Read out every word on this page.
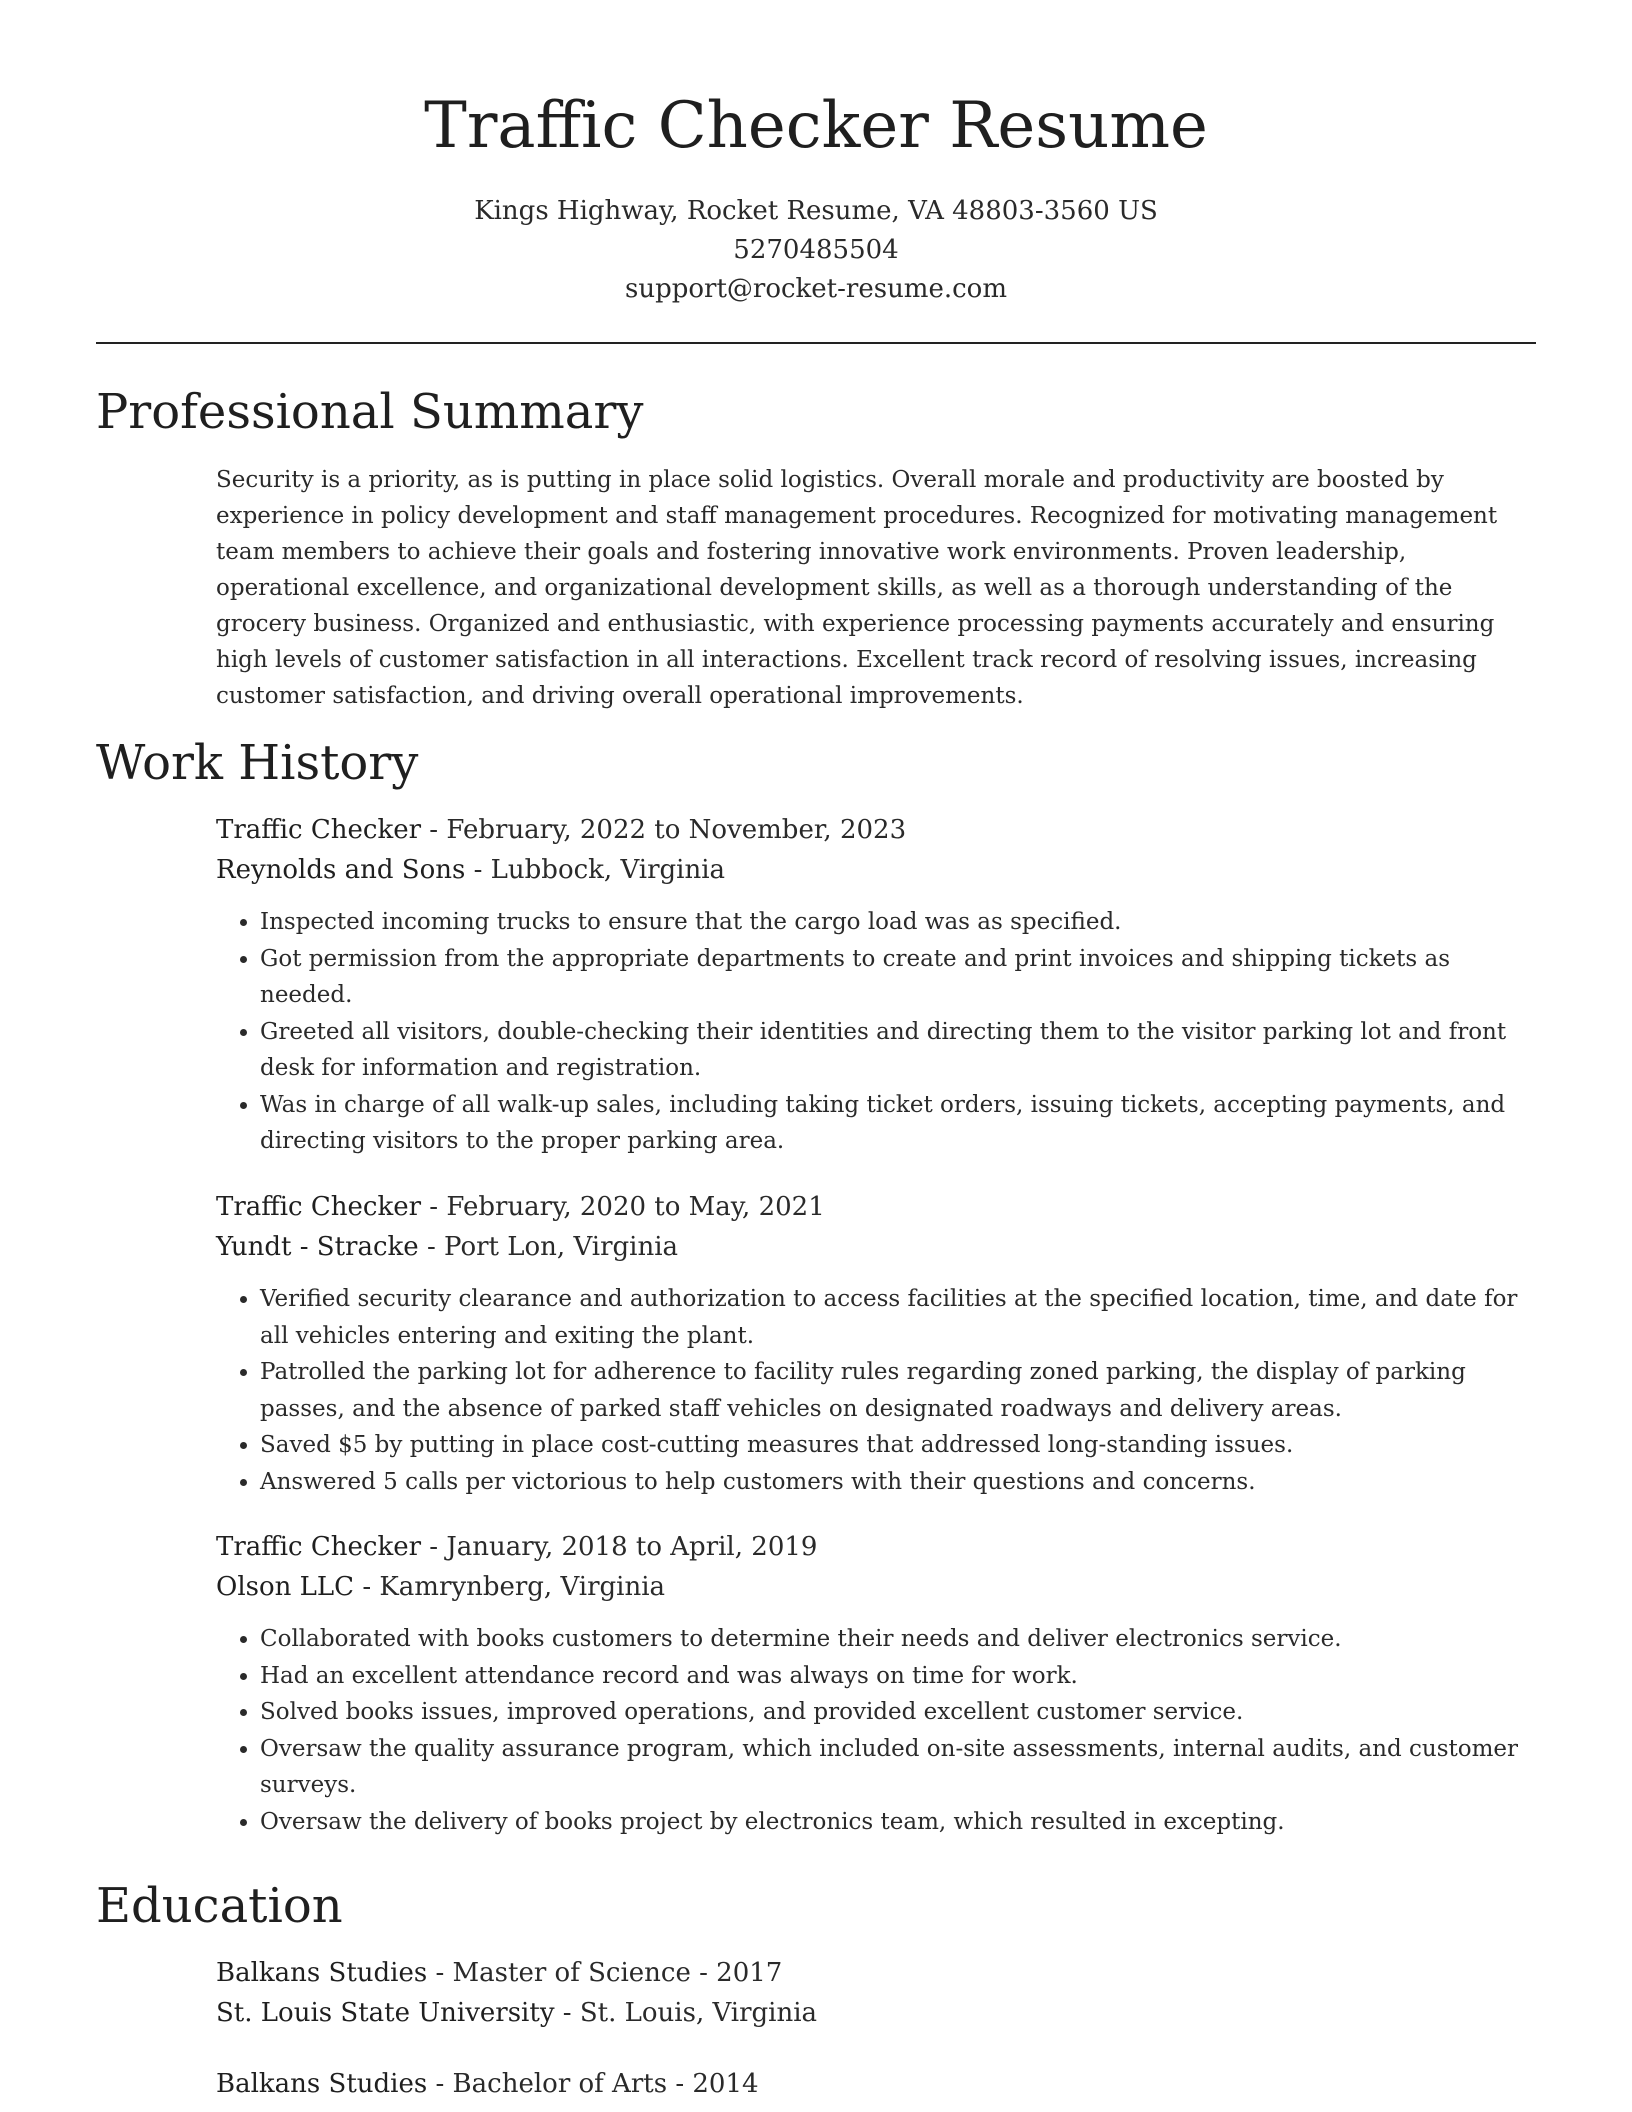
Traffic Checker Resume
Kings Highway, Rocket Resume, VA 48803-3560 US
5270485504
support@rocket-resume.com
Professional Summary

Security is a priority, as is putting in place solid logistics. Overall morale and productivity are boosted by experience in policy development and staff management procedures. Recognized for motivating management team members to achieve their goals and fostering innovative work environments. Proven leadership, operational excellence, and organizational development skills, as well as a thorough understanding of the grocery business. Organized and enthusiastic, with experience processing payments accurately and ensuring high levels of customer satisfaction in all interactions. Excellent track record of resolving issues, increasing customer satisfaction, and driving overall operational improvements.

Work History
Traffic Checker - February, 2022 to November, 2023
Reynolds and Sons - Lubbock, Virginia
• Inspected incoming trucks to ensure that the cargo load was as specified.
• Got permission from the appropriate departments to create and print invoices and shipping tickets as needed.
• Greeted all visitors, double-checking their identities and directing them to the visitor parking lot and front desk for information and registration.
• Was in charge of all walk-up sales, including taking ticket orders, issuing tickets, accepting payments, and directing visitors to the proper parking area.
Traffic Checker - February, 2020 to May, 2021
Yundt - Stracke - Port Lon, Virginia
• Verified security clearance and authorization to access facilities at the specified location, time, and date for all vehicles entering and exiting the plant.
• Patrolled the parking lot for adherence to facility rules regarding zoned parking, the display of parking passes, and the absence of parked staff vehicles on designated roadways and delivery areas.
• Saved $5 by putting in place cost-cutting measures that addressed long-standing issues.
• Answered 5 calls per victorious to help customers with their questions and concerns.
Traffic Checker - January, 2018 to April, 2019
Olson LLC - Kamrynberg, Virginia
• Collaborated with books customers to determine their needs and deliver electronics service.
• Had an excellent attendance record and was always on time for work.
• Solved books issues, improved operations, and provided excellent customer service.
• Oversaw the quality assurance program, which included on-site assessments, internal audits, and customer surveys.
• Oversaw the delivery of books project by electronics team, which resulted in excepting.
Education
Balkans Studies - Master of Science - 2017
St. Louis State University - St. Louis, Virginia
Balkans Studies - Bachelor of Arts - 2014
